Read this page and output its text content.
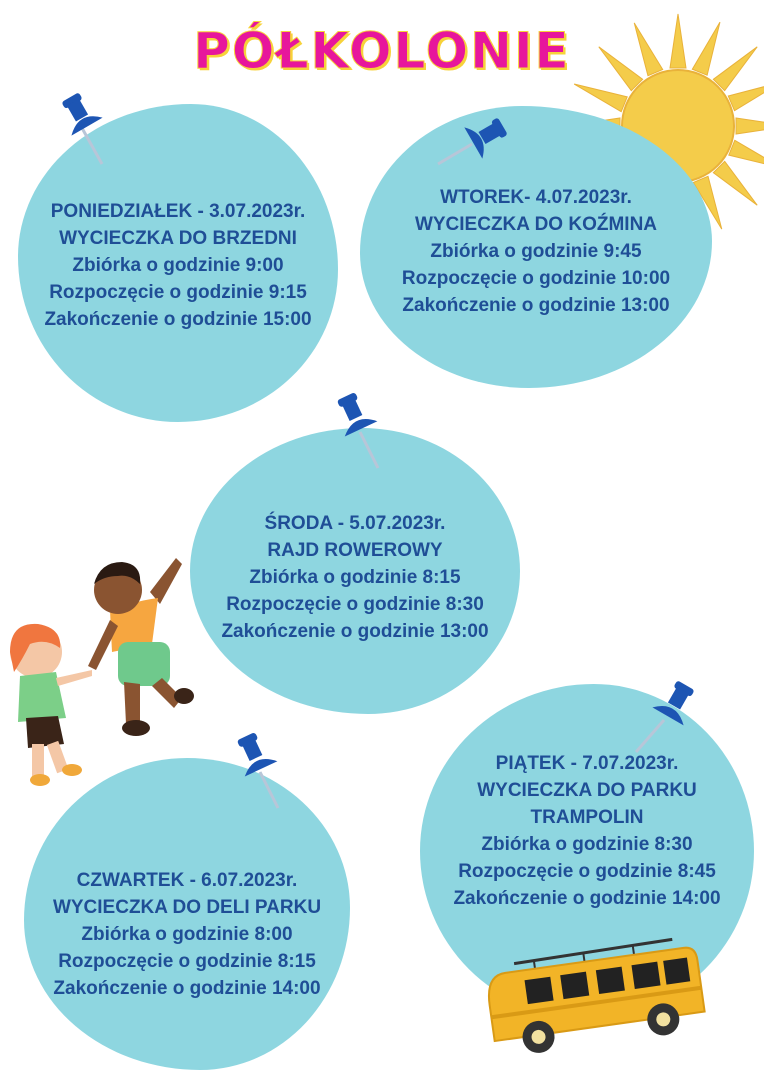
PÓŁKOLONIE
PONIEDZIAŁEK - 3.07.2023r.
WYCIECZKA DO BRZEDNI
Zbiórka o godzinie 9:00
Rozpoczęcie o godzinie 9:15
Zakończenie o godzinie 15:00
WTOREK- 4.07.2023r.
WYCIECZKA DO KOŹMINA
Zbiórka o godzinie 9:45
Rozpoczęcie o godzinie 10:00
Zakończenie o godzinie 13:00
ŚRODA - 5.07.2023r.
RAJD ROWEROWY
Zbiórka o godzinie 8:15
Rozpoczęcie o godzinie 8:30
Zakończenie o godzinie 13:00
CZWARTEK - 6.07.2023r.
WYCIECZKA DO DELI PARKU
Zbiórka o godzinie 8:00
Rozpoczęcie o godzinie 8:15
Zakończenie o godzinie 14:00
PIĄTEK - 7.07.2023r.
WYCIECZKA DO PARKU
TRAMPOLIN
Zbiórka o godzinie 8:30
Rozpoczęcie o godzinie 8:45
Zakończenie o godzinie 14:00
